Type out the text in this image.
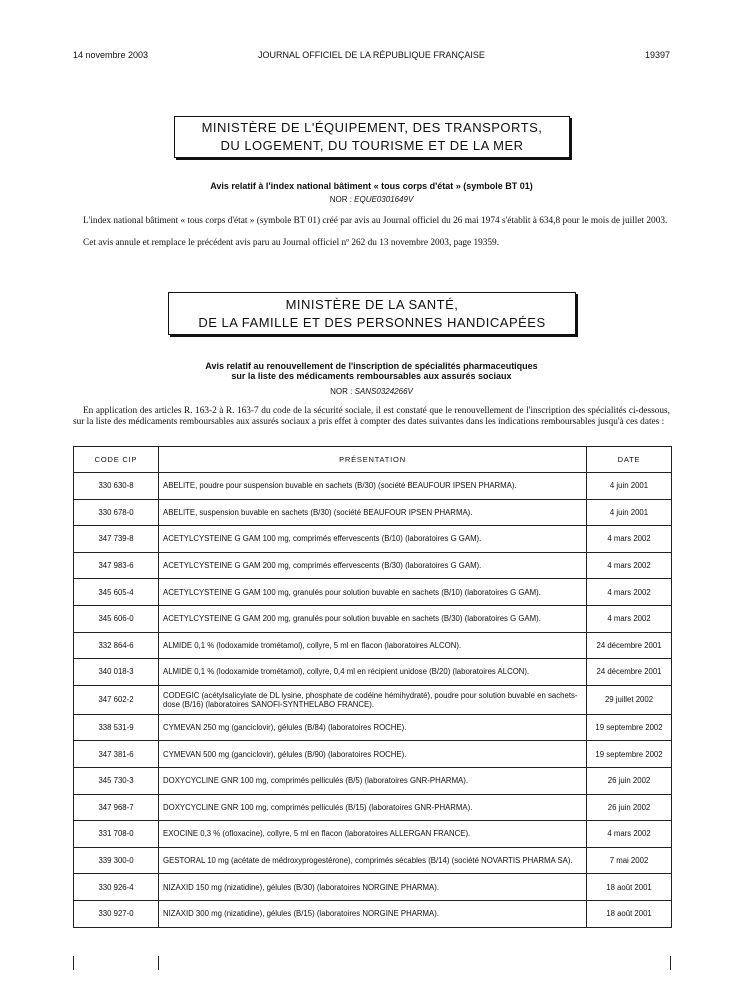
14 novembre 2003	JOURNAL OFFICIEL DE LA RÉPUBLIQUE FRANÇAISE	19397
MINISTÈRE DE L'ÉQUIPEMENT, DES TRANSPORTS,
DU LOGEMENT, DU TOURISME ET DE LA MER
Avis relatif à l'index national bâtiment « tous corps d'état » (symbole BT 01)
NOR : EQUE0301649V
L'index national bâtiment « tous corps d'état » (symbole BT 01) créé par avis au Journal officiel du 26 mai 1974 s'établit à 634,8 pour le mois de juillet 2003.
Cet avis annule et remplace le précédent avis paru au Journal officiel nº 262 du 13 novembre 2003, page 19359.
MINISTÈRE DE LA SANTÉ,
DE LA FAMILLE ET DES PERSONNES HANDICAPÉES
Avis relatif au renouvellement de l'inscription de spécialités pharmaceutiques
sur la liste des médicaments remboursables aux assurés sociaux
NOR : SANS0324266V
En application des articles R. 163-2 à R. 163-7 du code de la sécurité sociale, il est constaté que le renouvellement de l'inscription des spécialités ci-dessous, sur la liste des médicaments remboursables aux assurés sociaux a pris effet à compter des dates suivantes dans les indications remboursables jusqu'à ces dates :
CODE CIP	PRÉSENTATION	DATE
330 630-8	ABELITE, poudre pour suspension buvable en sachets (B/30) (société BEAUFOUR IPSEN PHARMA).	4 juin 2001
330 678-0	ABELITE, suspension buvable en sachets (B/30) (société BEAUFOUR IPSEN PHARMA).	4 juin 2001
347 739-8	ACETYLCYSTEINE G GAM 100 mg, comprimés effervescents (B/10) (laboratoires G GAM).	4 mars 2002
347 983-6	ACETYLCYSTEINE G GAM 200 mg, comprimés effervescents (B/30) (laboratoires G GAM).	4 mars 2002
345 605-4	ACETYLCYSTEINE G GAM 100 mg, granulés pour solution buvable en sachets (B/10) (laboratoires G GAM).	4 mars 2002
345 606-0	ACETYLCYSTEINE G GAM 200 mg, granulés pour solution buvable en sachets (B/30) (laboratoires G GAM).	4 mars 2002
332 864-6	ALMIDE 0,1 % (lodoxamide trométamol), collyre, 5 ml en flacon (laboratoires ALCON).	24 décembre 2001
340 018-3	ALMIDE 0,1 % (lodoxamide trométamol), collyre, 0,4 ml en récipient unidose (B/20) (laboratoires ALCON).	24 décembre 2001
347 602-2	CODEGIC (acétylsalicylate de DL lysine, phosphate de codéine hémihydraté), poudre pour solution buvable en sachets-dose (B/16) (laboratoires SANOFI-SYNTHELABO FRANCE).	29 juillet 2002
338 531-9	CYMEVAN 250 mg (ganciclovir), gélules (B/84) (laboratoires ROCHE).	19 septembre 2002
347 381-6	CYMEVAN 500 mg (ganciclovir), gélules (B/90) (laboratoires ROCHE).	19 septembre 2002
345 730-3	DOXYCYCLINE GNR 100 mg, comprimés pelliculés (B/5) (laboratoires GNR-PHARMA).	26 juin 2002
347 968-7	DOXYCYCLINE GNR 100 mg, comprimés pelliculés (B/15) (laboratoires GNR-PHARMA).	26 juin 2002
331 708-0	EXOCINE 0,3 % (ofloxacine), collyre, 5 ml en flacon (laboratoires ALLERGAN FRANCE).	4 mars 2002
339 300-0	GESTORAL 10 mg (acétate de médroxyprogestérone), comprimés sécables (B/14) (société NOVARTIS PHARMA SA).	7 mai 2002
330 926-4	NIZAXID 150 mg (nizatidine), gélules (B/30) (laboratoires NORGINE PHARMA).	18 août 2001
330 927-0	NIZAXID 300 mg (nizatidine), gélules (B/15) (laboratoires NORGINE PHARMA).	18 août 2001
